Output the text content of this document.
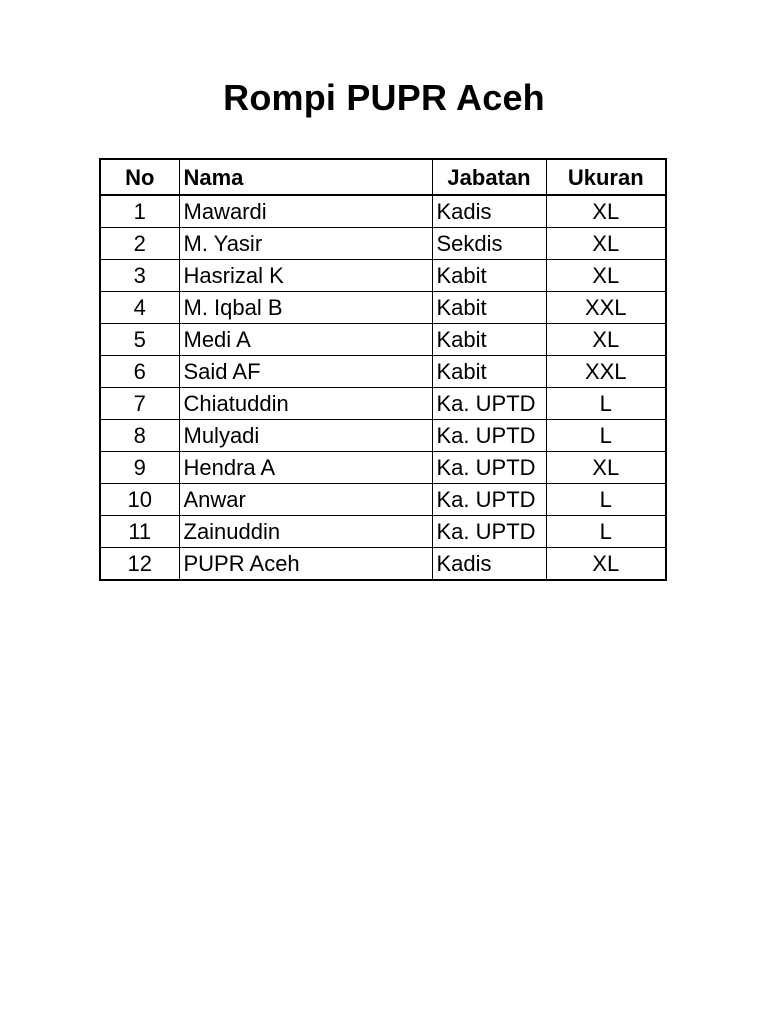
Rompi PUPR Aceh
No	Nama	Jabatan	Ukuran
1	Mawardi	Kadis	XL
2	M. Yasir	Sekdis	XL
3	Hasrizal K	Kabit	XL
4	M. Iqbal B	Kabit	XXL
5	Medi A	Kabit	XL
6	Said AF	Kabit	XXL
7	Chiatuddin	Ka. UPTD	L
8	Mulyadi	Ka. UPTD	L
9	Hendra A	Ka. UPTD	XL
10	Anwar	Ka. UPTD	L
11	Zainuddin	Ka. UPTD	L
12	PUPR Aceh	Kadis	XL
